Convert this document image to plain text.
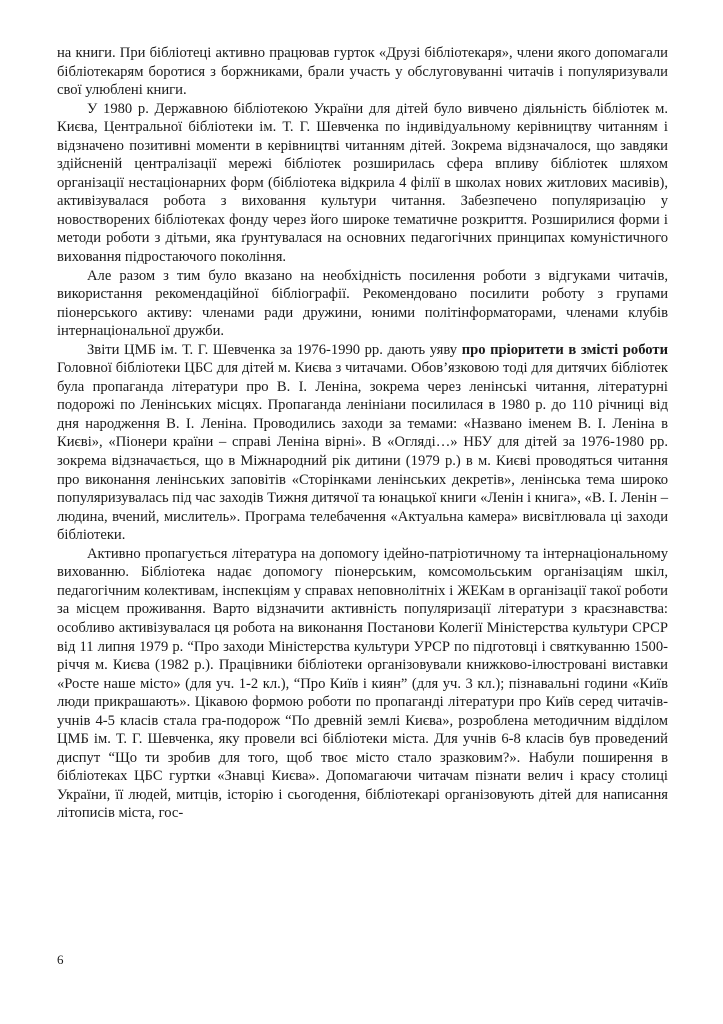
на книги. При бібліотеці активно працював гурток «Друзі бібліотекаря», члени якого допомагали бібліотекарям боротися з боржниками, брали участь у обслуговуванні читачів і популяризували свої улюблені книги.

У 1980 р. Державною бібліотекою України для дітей було вивчено діяльність бібліотек м. Києва, Центральної бібліотеки ім. Т. Г. Шевченка по індивідуальному керівництву читанням і відзначено позитивні моменти в керівництві читанням дітей. Зокрема відзначалося, що завдяки здійсненій централізації мережі бібліотек розширилась сфера впливу бібліотек шляхом організації нестаціонарних форм (бібліотека відкрила 4 філії в школах нових житлових масивів), активізувалася робота з виховання культури читання. Забезпечено популяризацію у новостворених бібліотеках фонду через його широке тематичне розкриття. Розширилися форми і методи роботи з дітьми, яка ґрунтувалася на основних педагогічних принципах комуністичного виховання підростаючого покоління.

Але разом з тим було вказано на необхідність посилення роботи з відгуками читачів, використання рекомендаційної бібліографії. Рекомендовано посилити роботу з групами піонерського активу: членами ради дружини, юними політінформаторами, членами клубів інтернаціональної дружби.

Звіти ЦМБ ім. Т. Г. Шевченка за 1976-1990 рр. дають уяву про пріоритети в змісті роботи Головної бібліотеки ЦБС для дітей м. Києва з читачами. Обов’язковою тоді для дитячих бібліотек була пропаганда літератури про В. І. Леніна, зокрема через ленінські читання, літературні подорожі по Ленінських місцях. Пропаганда ленініани посилилася в 1980 р. до 110 річниці від дня народження В. І. Леніна. Проводились заходи за темами: «Названо іменем В. І. Леніна в Києві», «Піонери країни – справі Леніна вірні». В «Огляді…» НБУ для дітей за 1976-1980 рр. зокрема відзначається, що в Міжнародний рік дитини (1979 р.) в м. Києві проводяться читання про виконання ленінських заповітів «Сторінками ленінських декретів», ленінська тема широко популяризувалась під час заходів Тижня дитячої та юнацької книги «Ленін і книга», «В. І. Ленін – людина, вчений, мислитель». Програма телебачення «Актуальна камера» висвітлювала ці заходи бібліотеки.

Активно пропагується література на допомогу ідейно-патріотичному та інтернаціональному вихованню. Бібліотека надає допомогу піонерським, комсомольським організаціям шкіл, педагогічним колективам, інспекціям у справах неповнолітніх і ЖЕКам в організації такої роботи за місцем проживання. Варто відзначити активність популяризації літератури з краєзнавства: особливо активізувалася ця робота на виконання Постанови Колегії Міністерства культури СРСР від 11 липня 1979 р. “Про заходи Міністерства культури УРСР по підготовці і святкуванню 1500-річчя м. Києва (1982 р.). Працівники бібліотеки організовували книжково-ілюстровані виставки «Росте наше місто» (для уч. 1-2 кл.), “Про Київ і киян” (для уч. 3 кл.); пізнавальні години «Київ люди прикрашають». Цікавою формою роботи по пропаганді літератури про Київ серед читачів-учнів 4-5 класів стала гра-подорож “По древній землі Києва», розроблена методичним відділом ЦМБ ім. Т. Г. Шевченка, яку провели всі бібліотеки міста. Для учнів 6-8 класів був проведений диспут “Що ти зробив для того, щоб твоє місто стало зразковим?». Набули поширення в бібліотеках ЦБС гуртки «Знавці Києва». Допомагаючи читачам пізнати велич і красу столиці України, її людей, митців, історію і сьогодення, бібліотекарі організовують дітей для написання літописів міста, гос-

6
